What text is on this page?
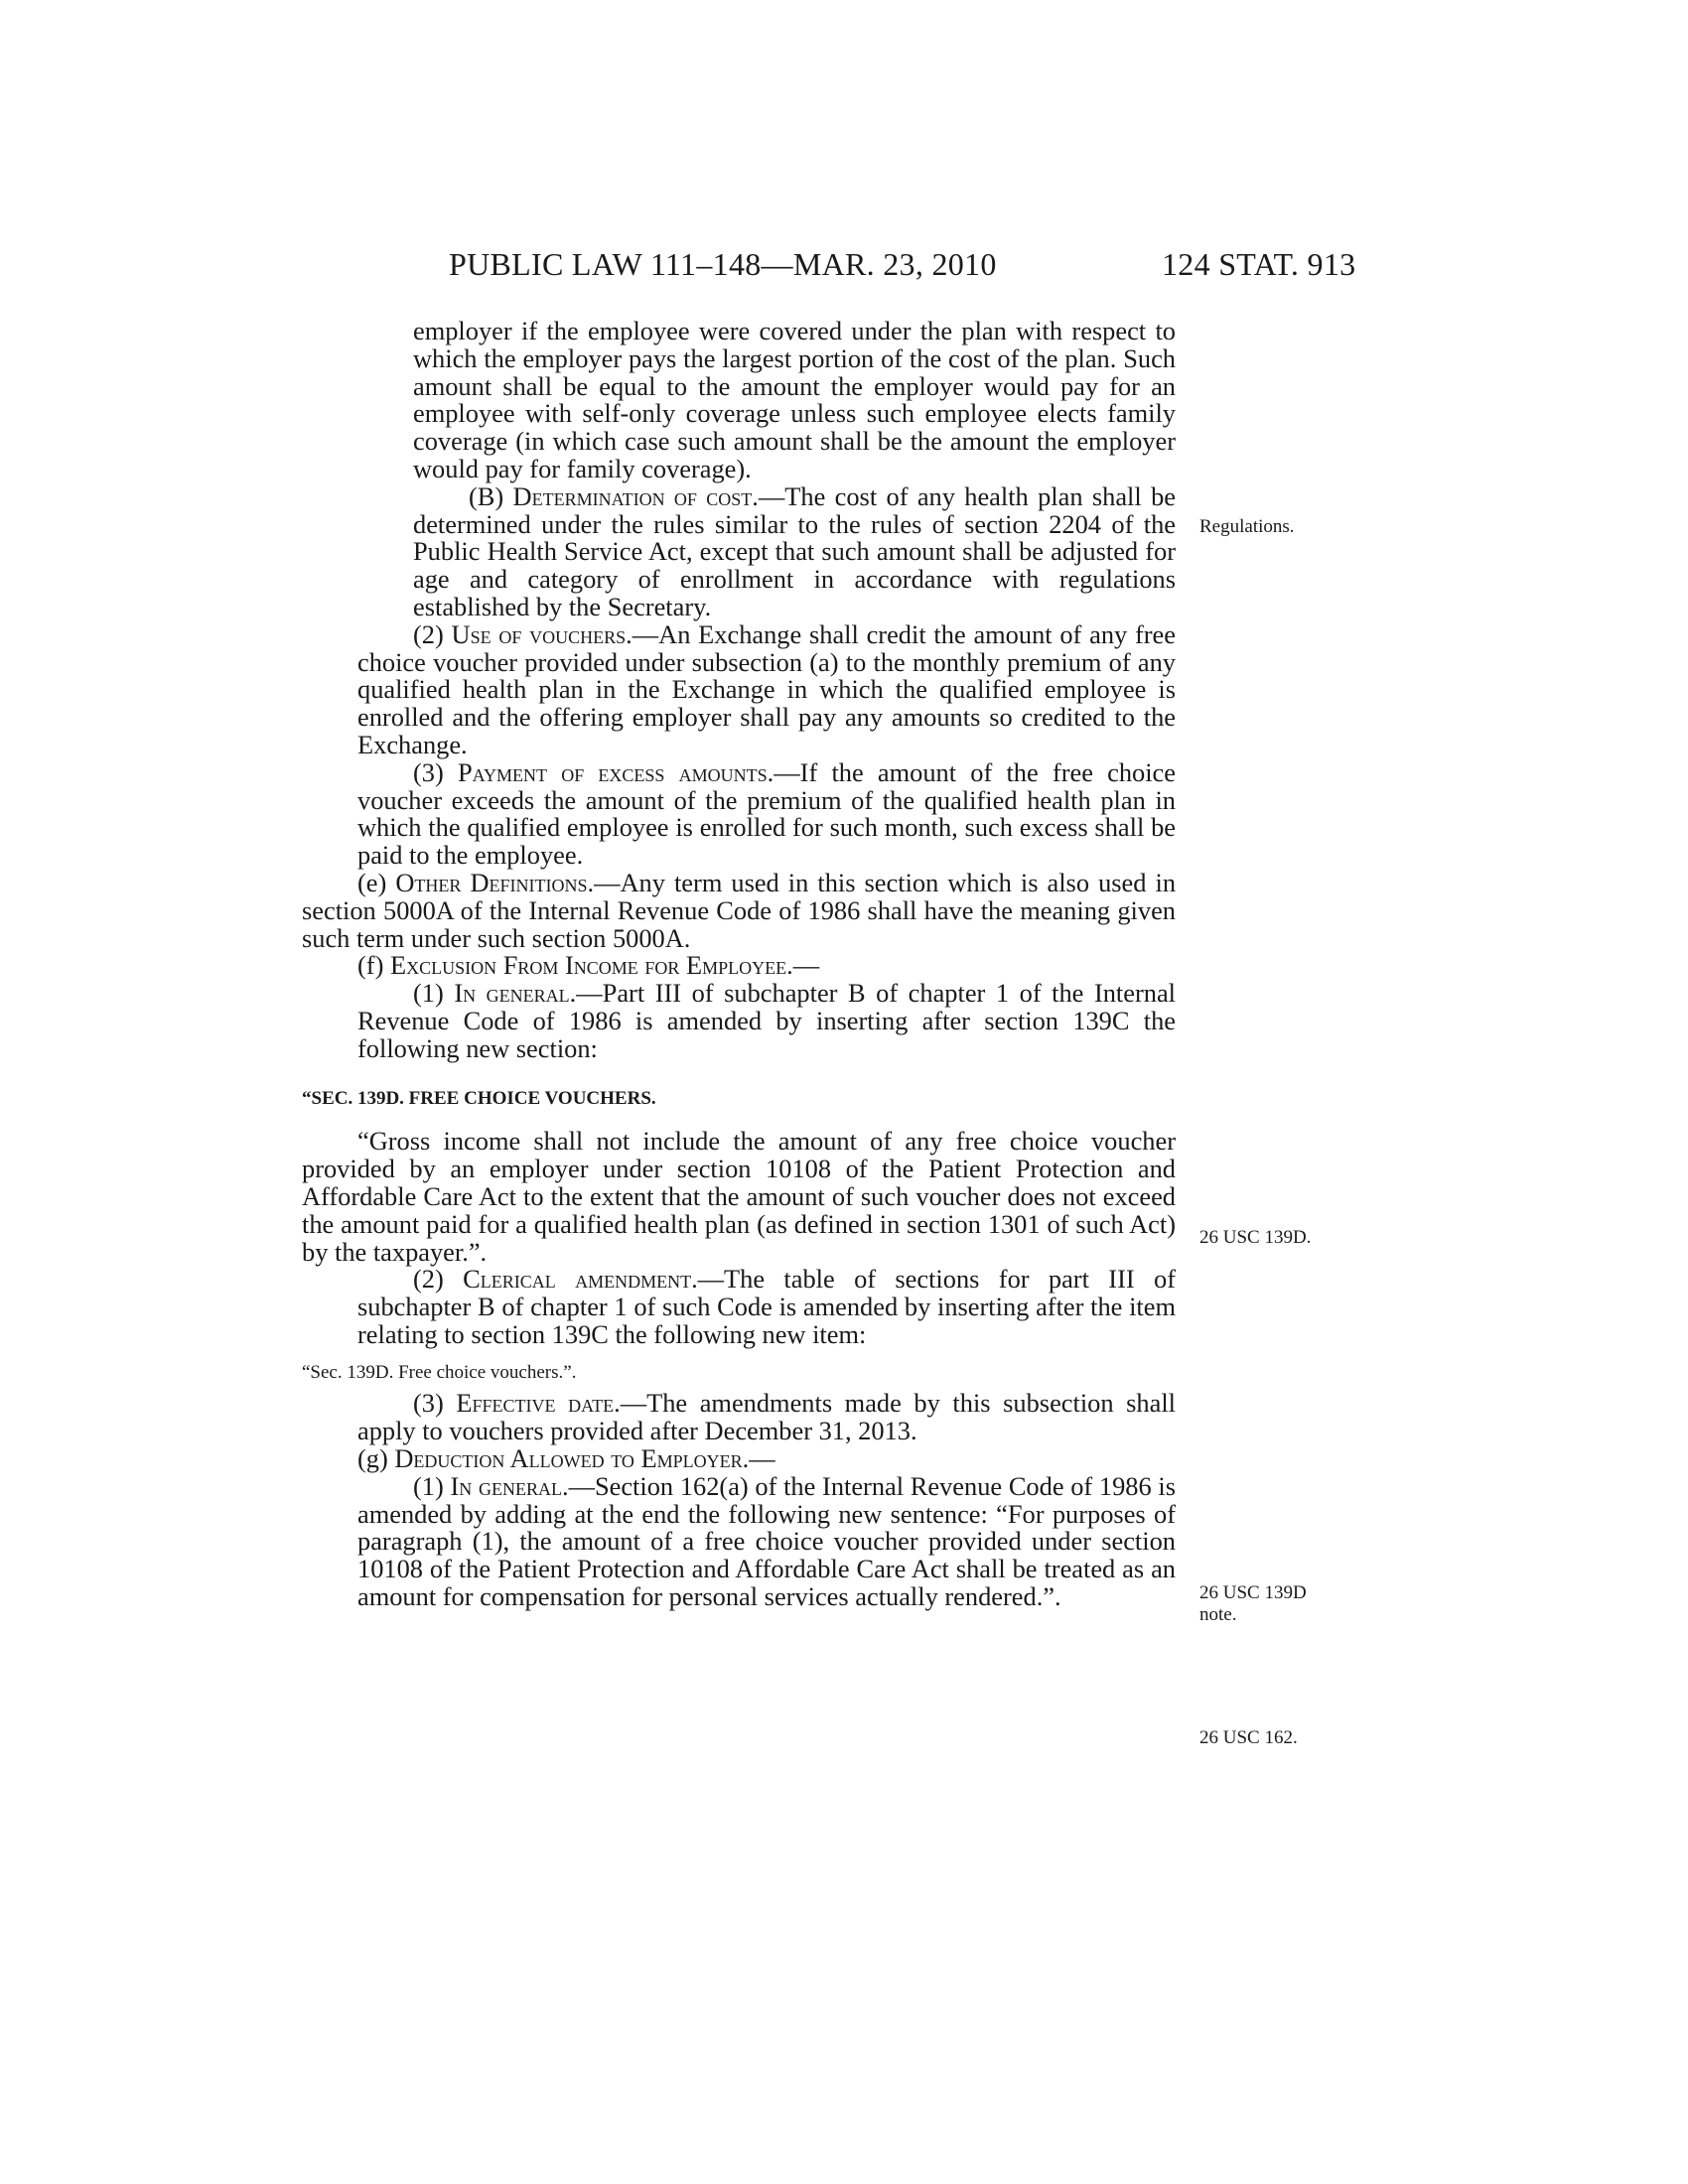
PUBLIC LAW 111–148—MAR. 23, 2010	124 STAT. 913

employer if the employee were covered under the plan with respect to which the employer pays the largest portion of the cost of the plan. Such amount shall be equal to the amount the employer would pay for an employee with self-only coverage unless such employee elects family coverage (in which case such amount shall be the amount the employer would pay for family coverage).

(B) Determination of cost.—The cost of any health plan shall be determined under the rules similar to the rules of section 2204 of the Public Health Service Act, except that such amount shall be adjusted for age and category of enrollment in accordance with regulations established by the Secretary.

(2) Use of vouchers.—An Exchange shall credit the amount of any free choice voucher provided under subsection (a) to the monthly premium of any qualified health plan in the Exchange in which the qualified employee is enrolled and the offering employer shall pay any amounts so credited to the Exchange.

(3) Payment of excess amounts.—If the amount of the free choice voucher exceeds the amount of the premium of the qualified health plan in which the qualified employee is enrolled for such month, such excess shall be paid to the employee.

(e) Other Definitions.—Any term used in this section which is also used in section 5000A of the Internal Revenue Code of 1986 shall have the meaning given such term under such section 5000A.

(f) Exclusion From Income for Employee.—

(1) In general.—Part III of subchapter B of chapter 1 of the Internal Revenue Code of 1986 is amended by inserting after section 139C the following new section:

“SEC. 139D. FREE CHOICE VOUCHERS.

“Gross income shall not include the amount of any free choice voucher provided by an employer under section 10108 of the Patient Protection and Affordable Care Act to the extent that the amount of such voucher does not exceed the amount paid for a qualified health plan (as defined in section 1301 of such Act) by the taxpayer.”.

(2) Clerical amendment.—The table of sections for part III of subchapter B of chapter 1 of such Code is amended by inserting after the item relating to section 139C the following new item:

“Sec. 139D. Free choice vouchers.”.

(3) Effective date.—The amendments made by this subsection shall apply to vouchers provided after December 31, 2013.

(g) Deduction Allowed to Employer.—

(1) In general.—Section 162(a) of the Internal Revenue Code of 1986 is amended by adding at the end the following new sentence: “For purposes of paragraph (1), the amount of a free choice voucher provided under section 10108 of the Patient Protection and Affordable Care Act shall be treated as an amount for compensation for personal services actually rendered.”.

Regulations.
26 USC 139D.
26 USC 139D
note.
26 USC 162.
